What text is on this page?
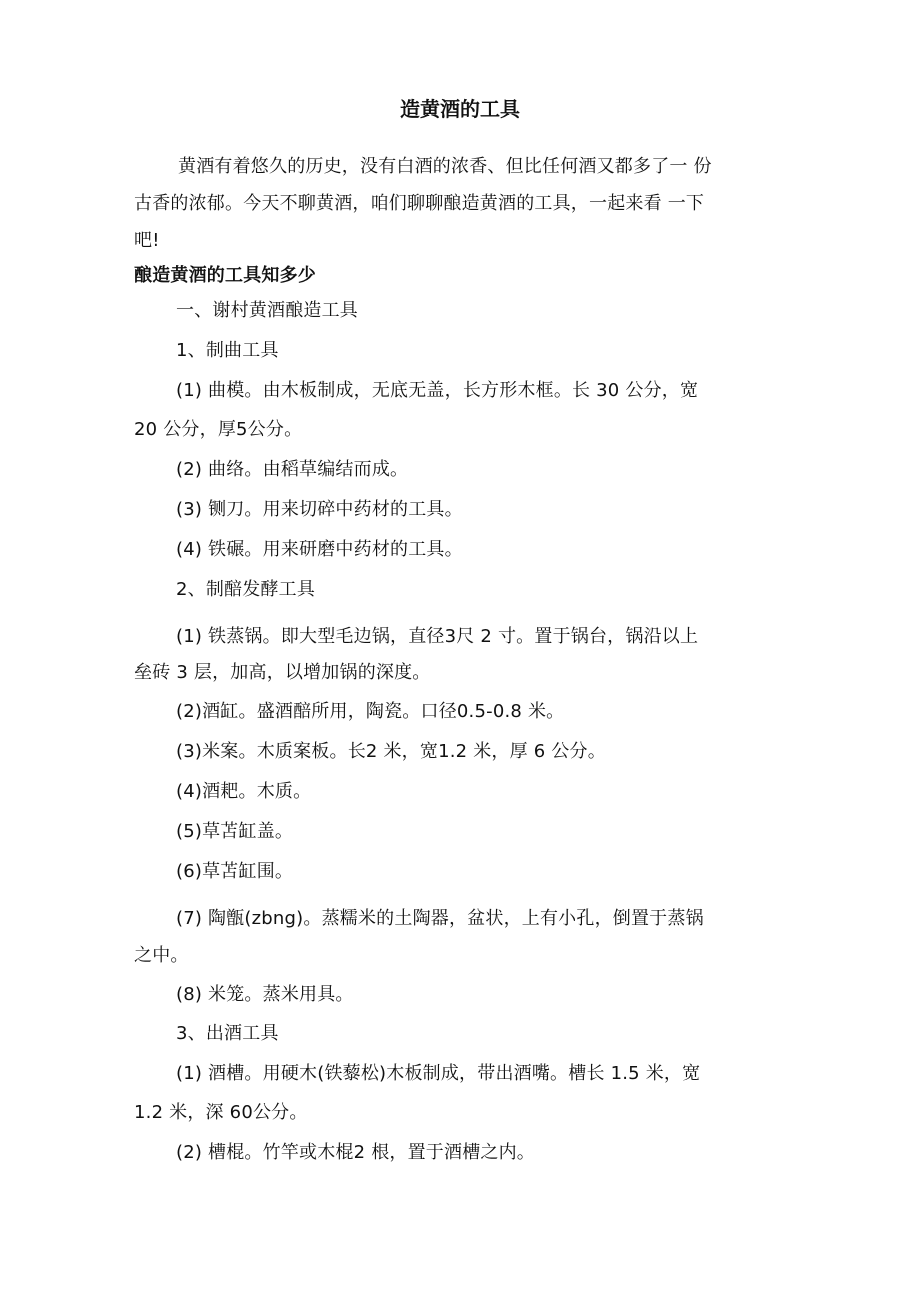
造黄酒的工具
黄酒有着悠久的历史，没有白酒的浓香、但比任何酒又都多了一 份
古香的浓郁。今天不聊黄酒，咱们聊聊酿造黄酒的工具，一起来看 一下
吧!
酿造黄酒的工具知多少
一、谢村黄酒酿造工具
1、制曲工具
(1) 曲模。由木板制成，无底无盖，长方形木框。长 30 公分，宽
20 公分，厚5公分。
(2) 曲络。由稻草编结而成。
(3) 铡刀。用来切碎中药材的工具。
(4) 铁碾。用来研磨中药材的工具。
2、制醅发酵工具
(1) 铁蒸锅。即大型毛边锅，直径3尺 2 寸。置于锅台，锅沿以上
垒砖 3 层，加高，以增加锅的深度。
(2)酒缸。盛酒醅所用，陶瓷。口径0.5-0.8 米。
(3)米案。木质案板。长2 米，宽1.2 米，厚 6 公分。
(4)酒耙。木质。
(5)草苫缸盖。
(6)草苫缸围。
(7) 陶甑(zbng)。蒸糯米的土陶器，盆状，上有小孔，倒置于蒸锅
之中。
(8) 米笼。蒸米用具。
3、出酒工具
(1) 酒槽。用硬木(铁藜松)木板制成，带出酒嘴。槽长 1.5 米，宽
1.2 米，深 60公分。
(2) 槽棍。竹竿或木棍2 根，置于酒槽之内。
